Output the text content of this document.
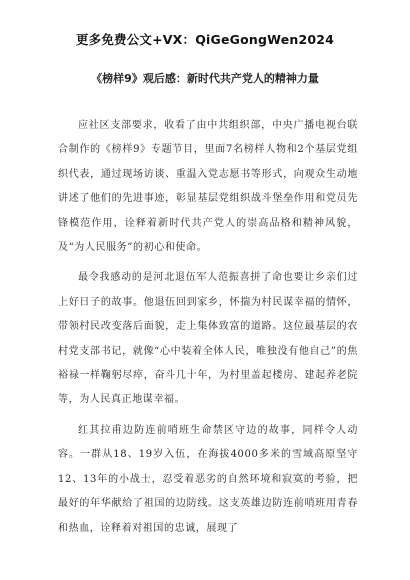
更多免费公文+VX：QiGeGongWen2024
《榜样9》观后感：新时代共产党人的精神力量

应社区支部要求，收看了由中共组织部，中央广播电视台联合制作的《榜样9》专题节目，里面7名榜样人物和2个基层党组织代表，通过现场访谈、重温入党志愿书等形式，向观众生动地讲述了他们的先进事迹，彰显基层党组织战斗堡垒作用和党员先锋模范作用，诠释着新时代共产党人的崇高品格和精神风貌，及“为人民服务”的初心和使命。

最令我感动的是河北退伍军人范振喜拼了命也要让乡亲们过上好日子的故事。他退伍回到家乡，怀揣为村民谋幸福的情怀，带领村民改变落后面貌，走上集体致富的道路。这位最基层的农村党支部书记，就像“心中装着全体人民，唯独没有他自己”的焦裕禄一样鞠躬尽瘁，奋斗几十年，为村里盖起楼房、建起养老院等，为人民真正地谋幸福。

红其拉甫边防连前哨班生命禁区守边的故事，同样令人动容。一群从18、19岁入伍，在海拔4000多米的雪域高原坚守12、13年的小战士，忍受着恶劣的自然环境和寂寞的考验，把最好的年华献给了祖国的边防线。这支英雄边防连前哨班用青春和热血，诠释着对祖国的忠诚，展现了
